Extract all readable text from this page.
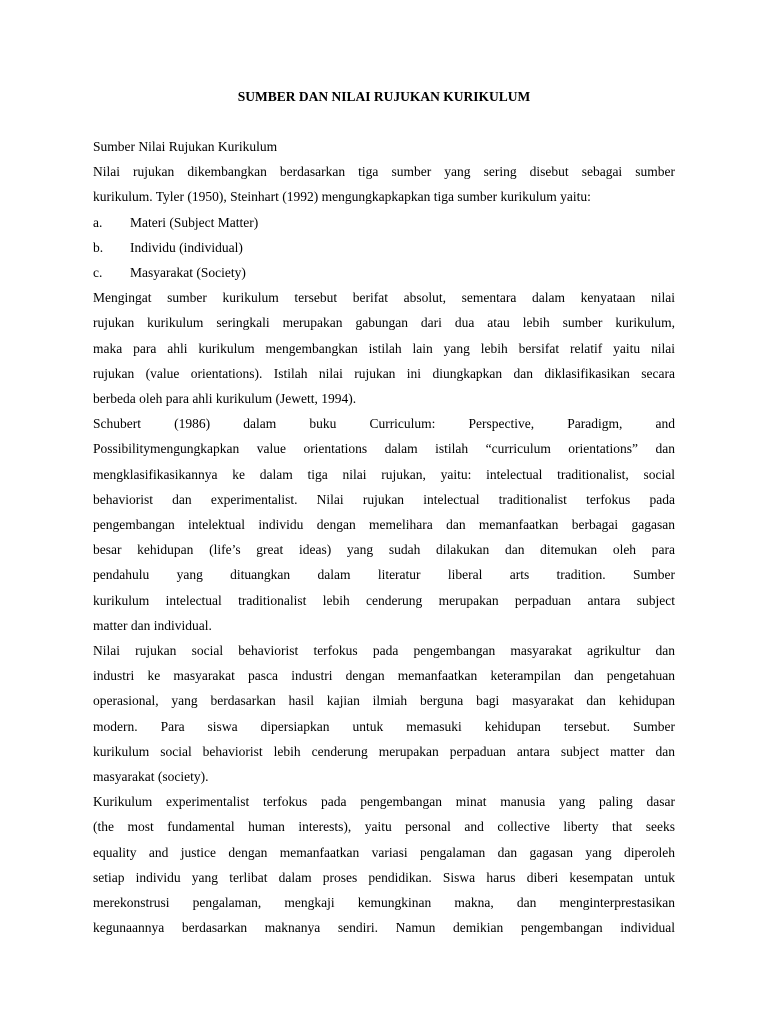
SUMBER DAN NILAI RUJUKAN KURIKULUM
Sumber Nilai Rujukan Kurikulum
Nilai rujukan dikembangkan berdasarkan tiga sumber yang sering disebut sebagai sumber
kurikulum. Tyler (1950), Steinhart (1992) mengungkapkapkan tiga sumber kurikulum yaitu:
a.	Materi (Subject Matter)
b.	Individu (individual)
c.	Masyarakat (Society)
Mengingat sumber kurikulum tersebut berifat absolut, sementara dalam kenyataan nilai
rujukan kurikulum seringkali merupakan gabungan dari dua atau lebih sumber kurikulum,
maka para ahli kurikulum mengembangkan istilah lain yang lebih bersifat relatif yaitu nilai
rujukan (value orientations). Istilah nilai rujukan ini diungkapkan dan diklasifikasikan secara
berbeda oleh para ahli kurikulum (Jewett, 1994).
Schubert (1986) dalam buku Curriculum: Perspective, Paradigm, and
Possibilitymengungkapkan value orientations dalam istilah “curriculum orientations” dan
mengklasifikasikannya ke dalam tiga nilai rujukan, yaitu: intelectual traditionalist, social
behaviorist dan experimentalist. Nilai rujukan intelectual traditionalist terfokus pada
pengembangan intelektual individu dengan memelihara dan memanfaatkan berbagai gagasan
besar kehidupan (life’s great ideas) yang sudah dilakukan dan ditemukan oleh para
pendahulu yang dituangkan dalam literatur liberal arts tradition. Sumber
kurikulum intelectual traditionalist lebih cenderung merupakan perpaduan antara subject
matter dan individual.
Nilai rujukan social behaviorist terfokus pada pengembangan masyarakat agrikultur dan
industri ke masyarakat pasca industri dengan memanfaatkan keterampilan dan pengetahuan
operasional, yang berdasarkan hasil kajian ilmiah berguna bagi masyarakat dan kehidupan
modern. Para siswa dipersiapkan untuk memasuki kehidupan tersebut. Sumber
kurikulum social behaviorist lebih cenderung merupakan perpaduan antara subject matter dan
masyarakat (society).
Kurikulum experimentalist terfokus pada pengembangan minat manusia yang paling dasar
(the most fundamental human interests), yaitu personal and collective liberty that seeks
equality and justice dengan memanfaatkan variasi pengalaman dan gagasan yang diperoleh
setiap individu yang terlibat dalam proses pendidikan. Siswa harus diberi kesempatan untuk
merekonstrusi pengalaman, mengkaji kemungkinan makna, dan menginterprestasikan
kegunaannya berdasarkan maknanya sendiri. Namun demikian pengembangan individual
